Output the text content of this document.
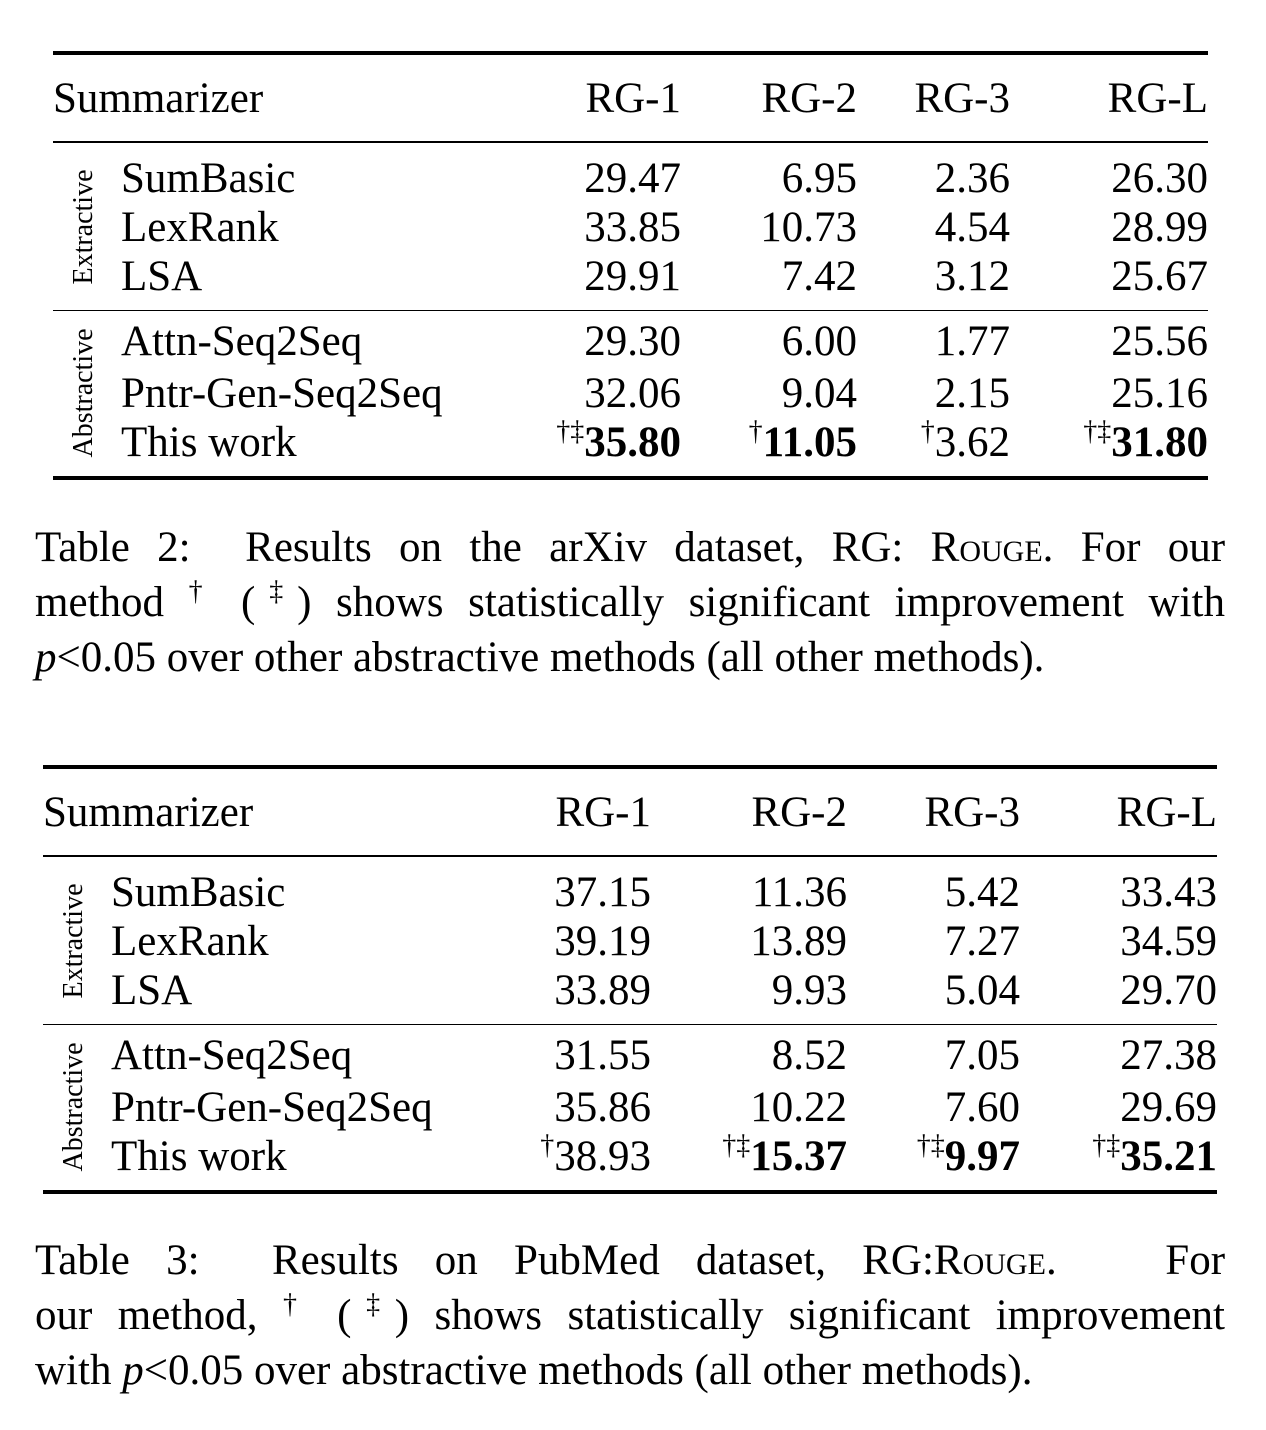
Summarizer		RG-1	RG-2	RG-3	RG-L

Extractive	SumBasic	29.47	6.95	2.36	26.30
	LexRank	33.85	10.73	4.54	28.99
	LSA	29.91	7.42	3.12	25.67

Abstractive	Attn-Seq2Seq	29.30	6.00	1.77	25.56
	Pntr-Gen-Seq2Seq	32.06	9.04	2.15	25.16
	This work	†‡35.80	†11.05	†3.62	†‡31.80
Table 2: Results on the arXiv dataset, RG: Rouge. For our
method † (‡) shows statistically significant improvement with
p<0.05 over other abstractive methods (all other methods).
Summarizer		RG-1	RG-2	RG-3	RG-L

Extractive	SumBasic	37.15	11.36	5.42	33.43
	LexRank	39.19	13.89	7.27	34.59
	LSA	33.89	9.93	5.04	29.70

Abstractive	Attn-Seq2Seq	31.55	8.52	7.05	27.38
	Pntr-Gen-Seq2Seq	35.86	10.22	7.60	29.69
	This work	†38.93	†‡15.37	†‡9.97	†‡35.21
Table 3: Results on PubMed dataset, RG:Rouge.   For
our method, † (‡) shows statistically significant improvement
with p<0.05 over abstractive methods (all other methods).
